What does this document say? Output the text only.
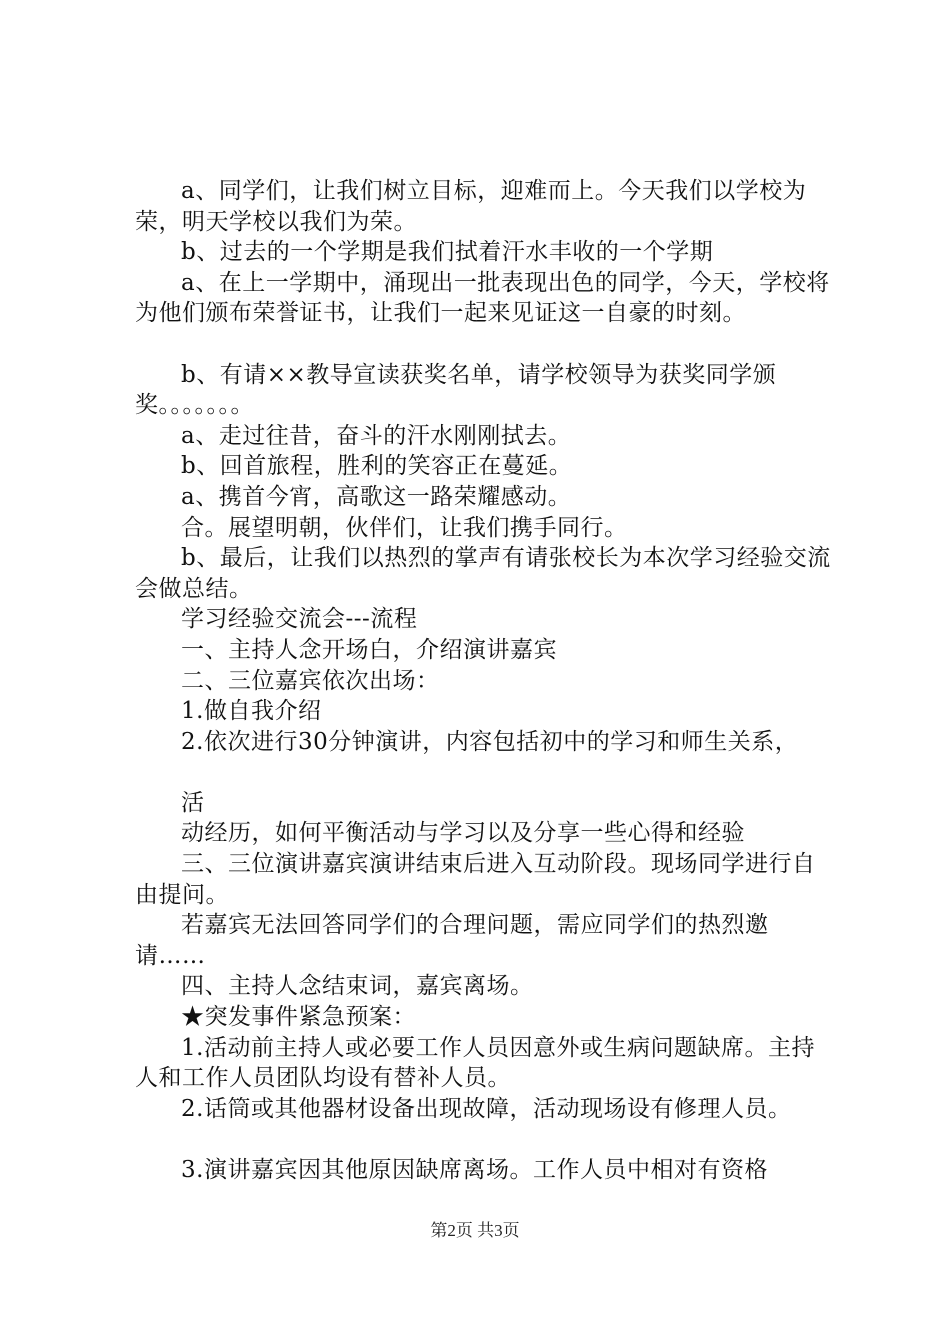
a、同学们，让我们树立目标，迎难而上。今天我们以学校为荣，明天学校以我们为荣。

b、过去的一个学期是我们拭着汗水丰收的一个学期

a、在上一学期中，涌现出一批表现出色的同学，今天，学校将为他们颁布荣誉证书，让我们一起来见证这一自豪的时刻。

b、有请××教导宣读获奖名单，请学校领导为获奖同学颁奖。。。。。。。

a、走过往昔，奋斗的汗水刚刚拭去。

b、回首旅程，胜利的笑容正在蔓延。

a、携首今宵，高歌这一路荣耀感动。

合。展望明朝，伙伴们，让我们携手同行。

b、最后，让我们以热烈的掌声有请张校长为本次学习经验交流会做总结。

学习经验交流会---流程

一、主持人念开场白，介绍演讲嘉宾

二、三位嘉宾依次出场：

1.做自我介绍

2.依次进行30分钟演讲，内容包括初中的学习和师生关系，

活

动经历，如何平衡活动与学习以及分享一些心得和经验

三、三位演讲嘉宾演讲结束后进入互动阶段。现场同学进行自由提问。

若嘉宾无法回答同学们的合理问题，需应同学们的热烈邀请……

四、主持人念结束词，嘉宾离场。

★突发事件紧急预案：

1.活动前主持人或必要工作人员因意外或生病问题缺席。主持人和工作人员团队均设有替补人员。

2.话筒或其他器材设备出现故障，活动现场设有修理人员。

3.演讲嘉宾因其他原因缺席离场。工作人员中相对有资格

第2页 共3页
